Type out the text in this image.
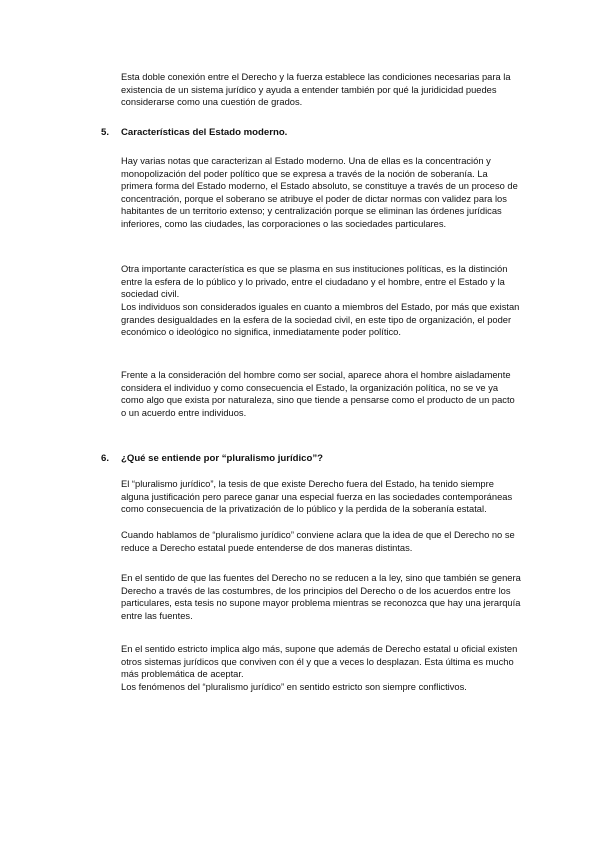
Esta doble conexión entre el Derecho y la fuerza establece las condiciones necesarias para la existencia de un sistema jurídico y ayuda a entender también por qué la juridicidad puedes considerarse como una cuestión de grados.

5. Características del Estado moderno.

Hay varias notas que caracterizan al Estado moderno. Una de ellas es la concentración y monopolización del poder político que se expresa a través de la noción de soberanía. La primera forma del Estado moderno, el Estado absoluto, se constituye a través de un proceso de concentración, porque el soberano se atribuye el poder de dictar normas con validez para los habitantes de un territorio extenso; y centralización porque se eliminan las órdenes jurídicas inferiores, como las ciudades, las corporaciones o las sociedades particulares.

Otra importante característica es que se plasma en sus instituciones políticas, es la distinción entre la esfera de lo público y lo privado, entre el ciudadano y el hombre, entre el Estado y la sociedad civil.

Los individuos son considerados iguales en cuanto a miembros del Estado, por más que existan grandes desigualdades en la esfera de la sociedad civil, en este tipo de organización, el poder económico o ideológico no significa, inmediatamente poder político.

Frente a la consideración del hombre como ser social, aparece ahora el hombre aisladamente considera el individuo y como consecuencia el Estado, la organización política, no se ve ya como algo que exista por naturaleza, sino que tiende a pensarse como el producto de un pacto o un acuerdo entre individuos.

6. ¿Qué se entiende por “pluralismo jurídico”?

El “pluralismo jurídico”, la tesis de que existe Derecho fuera del Estado, ha tenido siempre alguna justificación pero parece ganar una especial fuerza en las sociedades contemporáneas como consecuencia de la privatización de lo público y la perdida de la soberanía estatal.

Cuando hablamos de “pluralismo jurídico” conviene aclara que la idea de que el Derecho no se reduce a Derecho estatal puede entenderse de dos maneras distintas.

En el sentido de que las fuentes del Derecho no se reducen a la ley, sino que también se genera Derecho a través de las costumbres, de los principios del Derecho o de los acuerdos entre los particulares, esta tesis no supone mayor problema mientras se reconozca que hay una jerarquía entre las fuentes.

En el sentido estricto implica algo más, supone que además de Derecho estatal u oficial existen otros sistemas jurídicos que conviven con él y que a veces lo desplazan. Esta última es mucho más problemática de aceptar.

Los fenómenos del “pluralismo jurídico” en sentido estricto son siempre conflictivos.
